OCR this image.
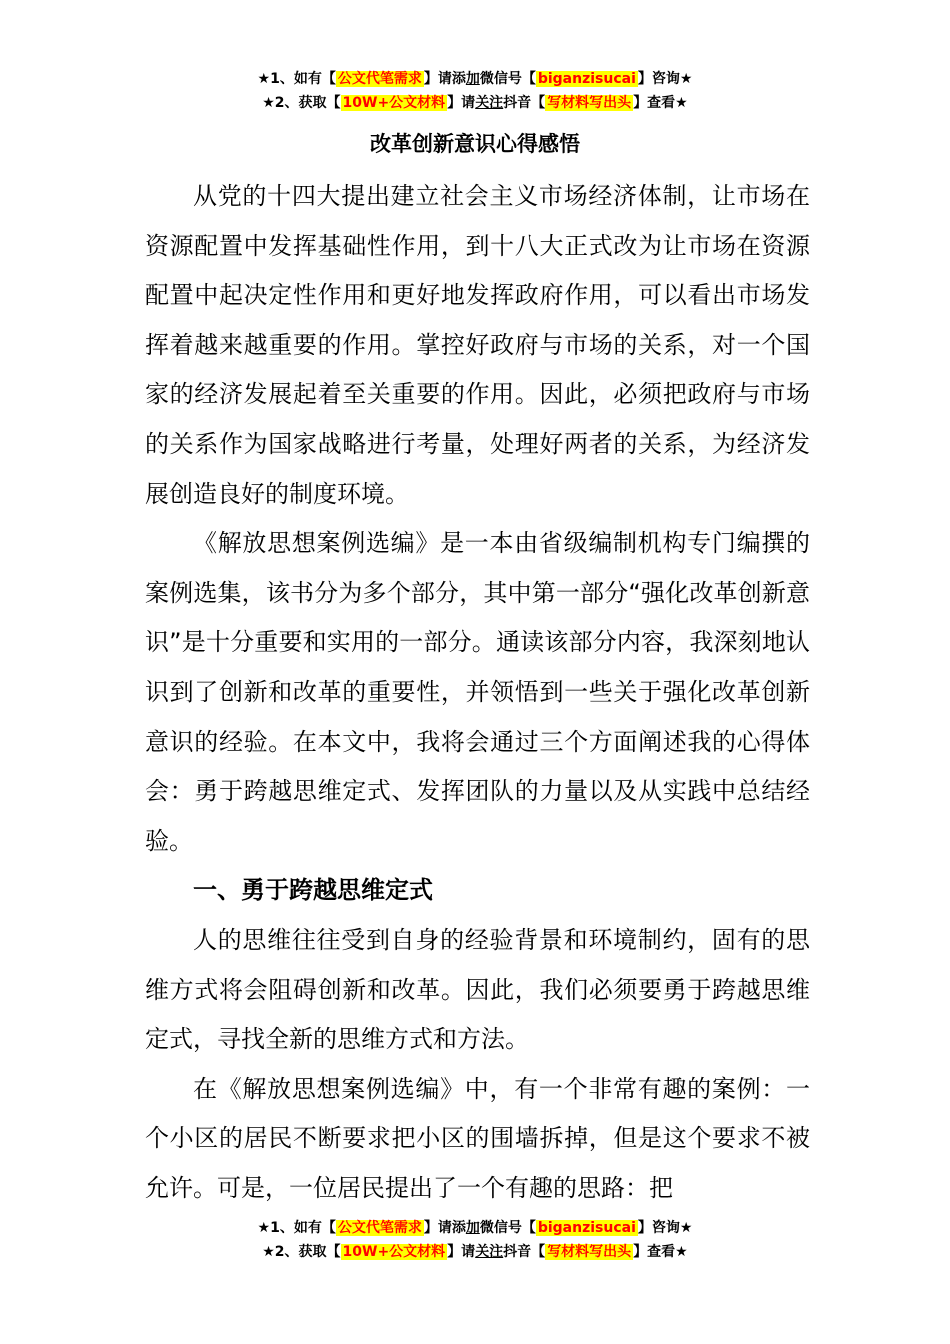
★1、如有【 公文代笔需求 】请添加微信号【 biganzisucai 】咨询★
★2、获取【 10W+公文材料 】请关注抖音【 写材料写出头 】查看★
改革创新意识心得感悟

从党的十四大提出建立社会主义市场经济体制，让市场在资源配置中发挥基础性作用，到十八大正式改为让市场在资源配置中起决定性作用和更好地发挥政府作用，可以看出市场发挥着越来越重要的作用。掌控好政府与市场的关系，对一个国家的经济发展起着至关重要的作用。因此，必须把政府与市场的关系作为国家战略进行考量，处理好两者的关系，为经济发展创造良好的制度环境。

《解放思想案例选编》是一本由省级编制机构专门编撰的案例选集，该书分为多个部分，其中第一部分“强化改革创新意识”是十分重要和实用的一部分。通读该部分内容，我深刻地认识到了创新和改革的重要性，并领悟到一些关于强化改革创新意识的经验。在本文中，我将会通过三个方面阐述我的心得体会：勇于跨越思维定式、发挥团队的力量以及从实践中总结经验。

一、勇于跨越思维定式

人的思维往往受到自身的经验背景和环境制约，固有的思维方式将会阻碍创新和改革。因此，我们必须要勇于跨越思维定式，寻找全新的思维方式和方法。

在《解放思想案例选编》中，有一个非常有趣的案例：一个小区的居民不断要求把小区的围墙拆掉，但是这个要求不被允许。可是，一位居民提出了一个有趣的思路：把

★1、如有【 公文代笔需求 】请添加微信号【 biganzisucai 】咨询★
★2、获取【 10W+公文材料 】请关注抖音【 写材料写出头 】查看★
